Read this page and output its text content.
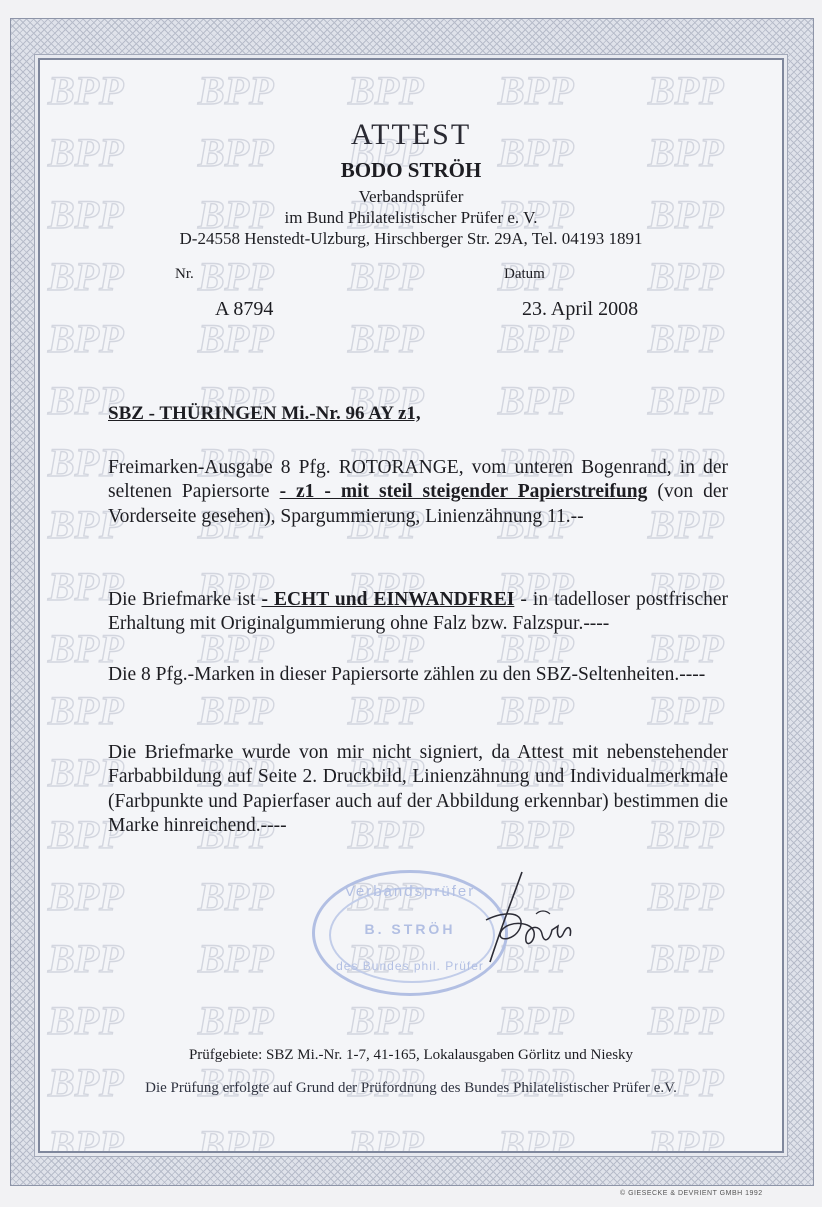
ATTEST
BODO STRÖH
Verbandsprüfer
im Bund Philatelistischer Prüfer e. V.
D-24558 Henstedt-Ulzburg, Hirschberger Str. 29A, Tel. 04193 1891
Nr.
A 8794
Datum
23. April 2008
SBZ - THÜRINGEN Mi.-Nr. 96 AY z1,
Freimarken-Ausgabe 8 Pfg. ROTORANGE, vom unteren Bogenrand, in der seltenen Papiersorte - z1 - mit steil steigender Papierstreifung (von der Vorderseite gesehen), Spargummierung, Linienzähnung 11.--
Die Briefmarke ist - ECHT und EINWANDFREI - in tadelloser postfrischer Erhaltung mit Originalgummierung ohne Falz bzw. Falzspur.----
Die 8 Pfg.-Marken in dieser Papiersorte zählen zu den SBZ-Seltenheiten.----
Die Briefmarke wurde von mir nicht signiert, da Attest mit nebenstehender Farbabbildung auf Seite 2. Druckbild, Linienzähnung und Individualmerkmale (Farbpunkte und Papierfaser auch auf der Abbildung erkennbar) bestimmen die Marke hinreichend.----
Verbandsprüfer
B. STRÖH
des Bundes phil. Prüfer
Prüfgebiete: SBZ Mi.-Nr. 1-7, 41-165, Lokalausgaben Görlitz und Niesky
Die Prüfung erfolgte auf Grund der Prüfordnung des Bundes Philatelistischer Prüfer e.V.
© GIESECKE & DEVRIENT GMBH 1992
